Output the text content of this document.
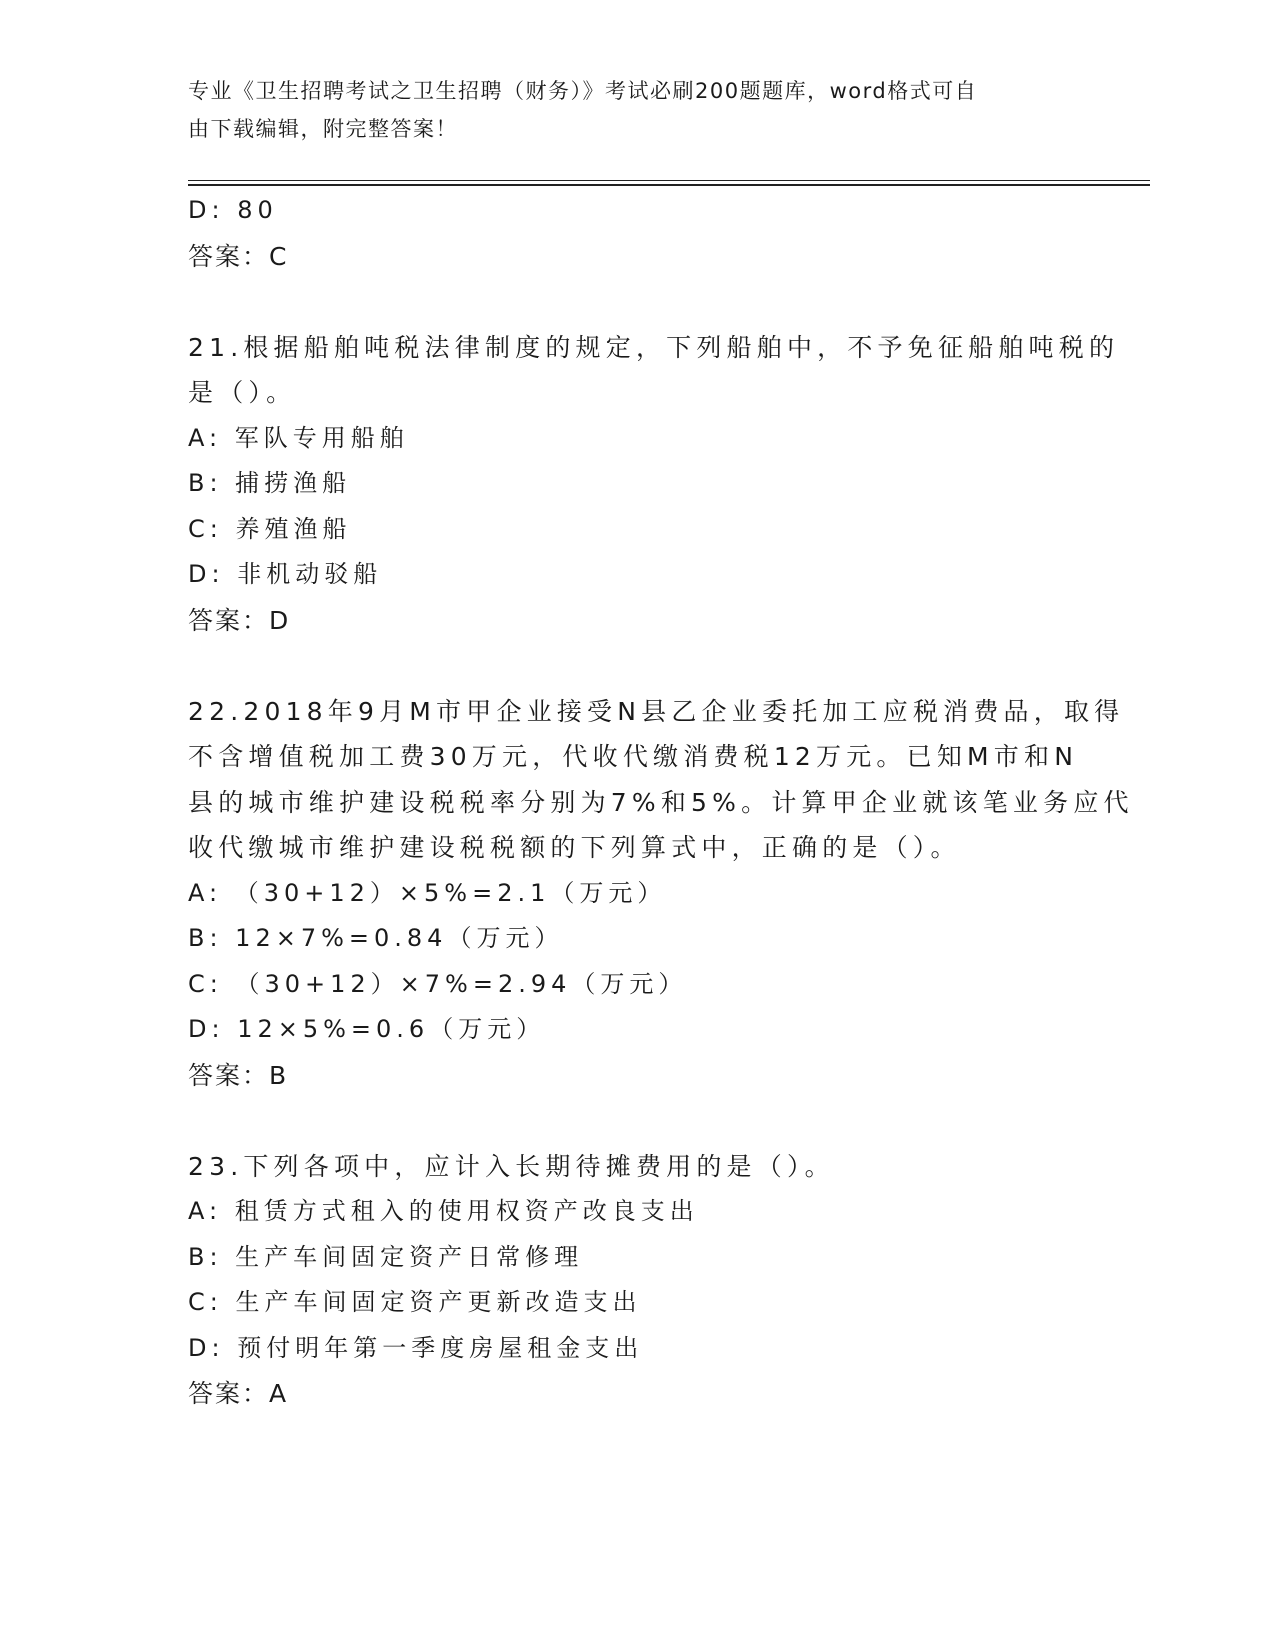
专业《卫生招聘考试之卫生招聘（财务）》考试必刷200题题库，word格式可自
由下载编辑，附完整答案！
D: 80
答案：C
21.根据船舶吨税法律制度的规定，下列船舶中，不予免征船舶吨税的
是（）。
A: 军队专用船舶
B: 捕捞渔船
C: 养殖渔船
D: 非机动驳船
答案：D
22.2018年9月M市甲企业接受N县乙企业委托加工应税消费品，取得
不含增值税加工费30万元，代收代缴消费税12万元。已知M市和N
县的城市维护建设税税率分别为7%和5%。计算甲企业就该笔业务应代
收代缴城市维护建设税税额的下列算式中，正确的是（）。
A: （30+12）×5%=2.1（万元）
B: 12×7%=0.84（万元）
C: （30+12）×7%=2.94（万元）
D: 12×5%=0.6（万元）
答案：B
23.下列各项中，应计入长期待摊费用的是（）。
A: 租赁方式租入的使用权资产改良支出
B: 生产车间固定资产日常修理
C: 生产车间固定资产更新改造支出
D: 预付明年第一季度房屋租金支出
答案：A
